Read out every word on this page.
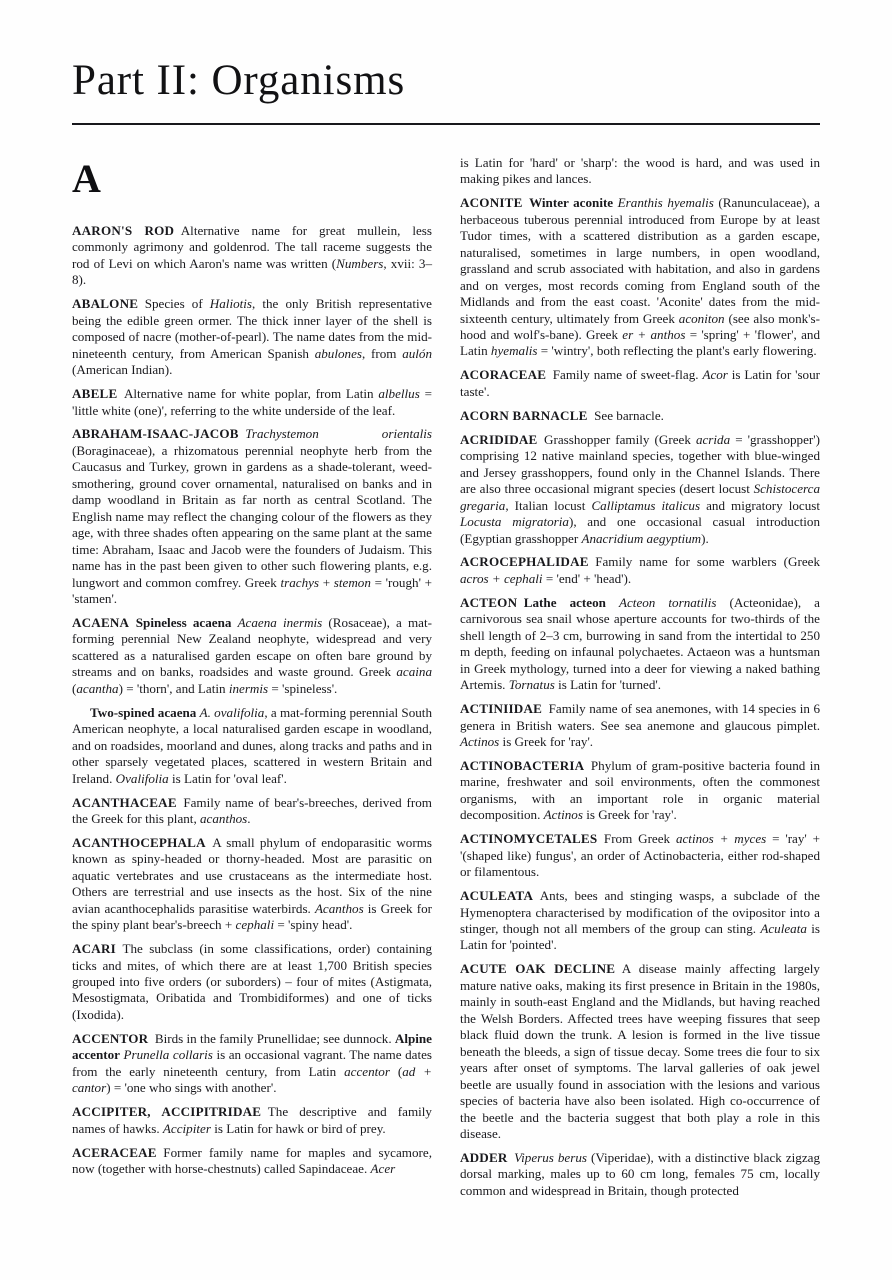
Part II: Organisms
A

AARON'S ROD  Alternative name for great mullein, less commonly agrimony and goldenrod. The tall raceme suggests the rod of Levi on which Aaron's name was written (Numbers, xvii: 3–8).

ABALONE  Species of Haliotis, the only British representative being the edible green ormer. The thick inner layer of the shell is composed of nacre (mother-of-pearl). The name dates from the mid-nineteenth century, from American Spanish abulones, from aulón (American Indian).

ABELE  Alternative name for white poplar, from Latin albellus = 'little white (one)', referring to the white underside of the leaf.

ABRAHAM-ISAAC-JACOB  Trachystemon orientalis (Boraginaceae), a rhizomatous perennial neophyte herb from the Caucasus and Turkey, grown in gardens as a shade-tolerant, weed-smothering, ground cover ornamental, naturalised on banks and in damp woodland in Britain as far north as central Scotland. The English name may reflect the changing colour of the flowers as they age, with three shades often appearing on the same plant at the same time: Abraham, Isaac and Jacob were the founders of Judaism. This name has in the past been given to other such flowering plants, e.g. lungwort and common comfrey. Greek trachys + stemon = 'rough' + 'stamen'.

ACAENA  Spineless acaena Acaena inermis (Rosaceae), a mat-forming perennial New Zealand neophyte, widespread and very scattered as a naturalised garden escape on often bare ground by streams and on banks, roadsides and waste ground. Greek acaina (acantha) = 'thorn', and Latin inermis = 'spineless'.

Two-spined acaena A. ovalifolia, a mat-forming perennial South American neophyte, a local naturalised garden escape in woodland, and on roadsides, moorland and dunes, along tracks and paths and in other sparsely vegetated places, scattered in western Britain and Ireland. Ovalifolia is Latin for 'oval leaf'.

ACANTHACEAE  Family name of bear's-breeches, derived from the Greek for this plant, acanthos.

ACANTHOCEPHALA  A small phylum of endoparasitic worms known as spiny-headed or thorny-headed. Most are parasitic on aquatic vertebrates and use crustaceans as the intermediate host. Others are terrestrial and use insects as the host. Six of the nine avian acanthocephalids parasitise waterbirds. Acanthos is Greek for the spiny plant bear's-breech + cephali = 'spiny head'.

ACARI  The subclass (in some classifications, order) containing ticks and mites, of which there are at least 1,700 British species grouped into five orders (or suborders) – four of mites (Astigmata, Mesostigmata, Oribatida and Trombidiformes) and one of ticks (Ixodida).

ACCENTOR  Birds in the family Prunellidae; see dunnock. Alpine accentor Prunella collaris is an occasional vagrant. The name dates from the early nineteenth century, from Latin accentor (ad + cantor) = 'one who sings with another'.

ACCIPITER, ACCIPITRIDAE  The descriptive and family names of hawks. Accipiter is Latin for hawk or bird of prey.

ACERACEAE  Former family name for maples and sycamore, now (together with horse-chestnuts) called Sapindaceae. Acer

is Latin for 'hard' or 'sharp': the wood is hard, and was used in making pikes and lances.

ACONITE  Winter aconite Eranthis hyemalis (Ranunculaceae), a herbaceous tuberous perennial introduced from Europe by at least Tudor times, with a scattered distribution as a garden escape, naturalised, sometimes in large numbers, in open woodland, grassland and scrub associated with habitation, and also in gardens and on verges, most records coming from England south of the Midlands and from the east coast. 'Aconite' dates from the mid-sixteenth century, ultimately from Greek aconiton (see also monk's-hood and wolf's-bane). Greek er + anthos = 'spring' + 'flower', and Latin hyemalis = 'wintry', both reflecting the plant's early flowering.

ACORACEAE  Family name of sweet-flag. Acor is Latin for 'sour taste'.

ACORN BARNACLE  See barnacle.

ACRIDIDAE  Grasshopper family (Greek acrida = 'grasshopper') comprising 12 native mainland species, together with blue-winged and Jersey grasshoppers, found only in the Channel Islands. There are also three occasional migrant species (desert locust Schistocerca gregaria, Italian locust Calliptamus italicus and migratory locust Locusta migratoria), and one occasional casual introduction (Egyptian grasshopper Anacridium aegyptium).

ACROCEPHALIDAE  Family name for some warblers (Greek acros + cephali = 'end' + 'head').

ACTEON  Lathe acteon Acteon tornatilis (Acteonidae), a carnivorous sea snail whose aperture accounts for two-thirds of the shell length of 2–3 cm, burrowing in sand from the intertidal to 250 m depth, feeding on infaunal polychaetes. Actaeon was a huntsman in Greek mythology, turned into a deer for viewing a naked bathing Artemis. Tornatus is Latin for 'turned'.

ACTINIIDAE  Family name of sea anemones, with 14 species in 6 genera in British waters. See sea anemone and glaucous pimplet. Actinos is Greek for 'ray'.

ACTINOBACTERIA  Phylum of gram-positive bacteria found in marine, freshwater and soil environments, often the commonest organisms, with an important role in organic material decomposition. Actinos is Greek for 'ray'.

ACTINOMYCETALES  From Greek actinos + myces = 'ray' + '(shaped like) fungus', an order of Actinobacteria, either rod-shaped or filamentous.

ACULEATA  Ants, bees and stinging wasps, a subclade of the Hymenoptera characterised by modification of the ovipositor into a stinger, though not all members of the group can sting. Aculeata is Latin for 'pointed'.

ACUTE OAK DECLINE  A disease mainly affecting largely mature native oaks, making its first presence in Britain in the 1980s, mainly in south-east England and the Midlands, but having reached the Welsh Borders. Affected trees have weeping fissures that seep black fluid down the trunk. A lesion is formed in the live tissue beneath the bleeds, a sign of tissue decay. Some trees die four to six years after onset of symptoms. The larval galleries of oak jewel beetle are usually found in association with the lesions and various species of bacteria have also been isolated. High co-occurrence of the beetle and the bacteria suggest that both play a role in this disease.

ADDER  Viperus berus (Viperidae), with a distinctive black zigzag dorsal marking, males up to 60 cm long, females 75 cm, locally common and widespread in Britain, though protected
